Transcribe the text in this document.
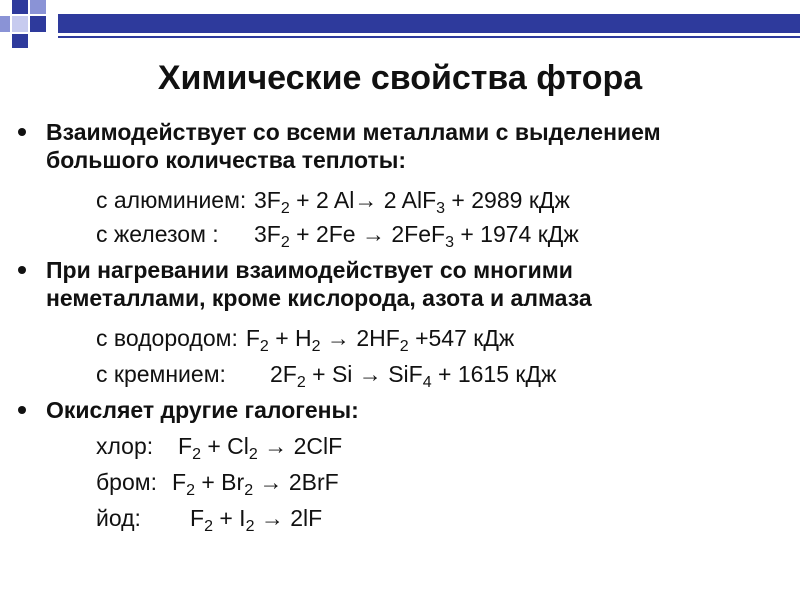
Химические свойства фтора
Взаимодействует со всеми металлами с выделением
большого количества теплоты:
с алюминием: $3F_2 + 2$ Al→ 2 AlF$_3$ + 2989 кДж
с железом : $3F_2 + 2Fe \to 2FeF_3 + 1974$ кДж
При нагревании взаимодействует со многими
неметаллами, кроме кислорода, азота и алмаза
с водородом: $F_2 + H_2 \to 2HF_2 +547$ кДж
с кремнием: $2F_2 + Si \to SiF_4 + 1615$ кДж
Окисляет другие галогены:
хлор: $F_2 + Cl_2 \to 2ClF$
бром: $F_2 + Br_2 \to 2BrF$
йод: $F_2 + I_2 \to 2lF$
